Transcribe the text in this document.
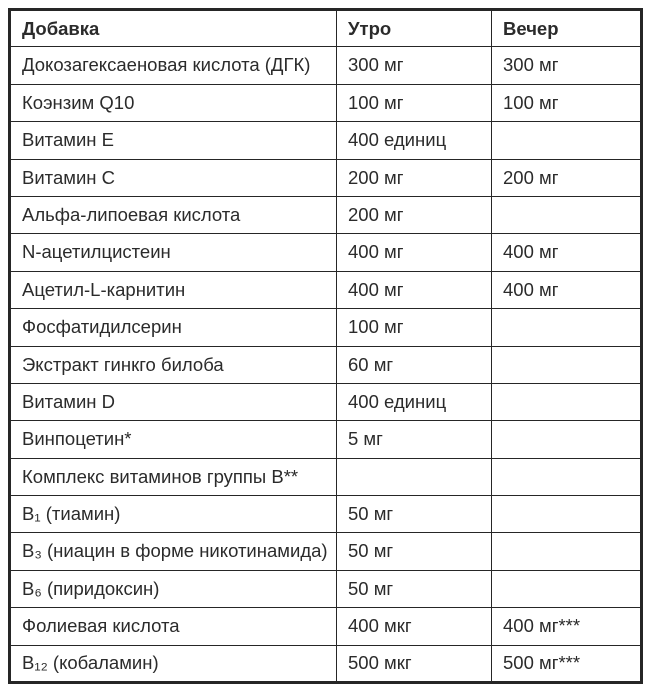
Добавка	Утро	Вечер
Докозагексаеновая кислота (ДГК)	300 мг	300 мг
Коэнзим Q10	100 мг	100 мг
Витамин E	400 единиц	
Витамин C	200 мг	200 мг
Альфа-липоевая кислота	200 мг	
N-ацетилцистеин	400 мг	400 мг
Ацетил-L-карнитин	400 мг	400 мг
Фосфатидилсерин	100 мг	
Экстракт гинкго билоба	60 мг	
Витамин D	400 единиц	
Винпоцетин*	5 мг	
Комплекс витаминов группы B**		
B₁ (тиамин)	50 мг	
B₃ (ниацин в форме никотинамида)	50 мг	
B₆ (пиридоксин)	50 мг	
Фолиевая кислота	400 мкг	400 мг***
B₁₂ (кобаламин)	500 мкг	500 мг***
